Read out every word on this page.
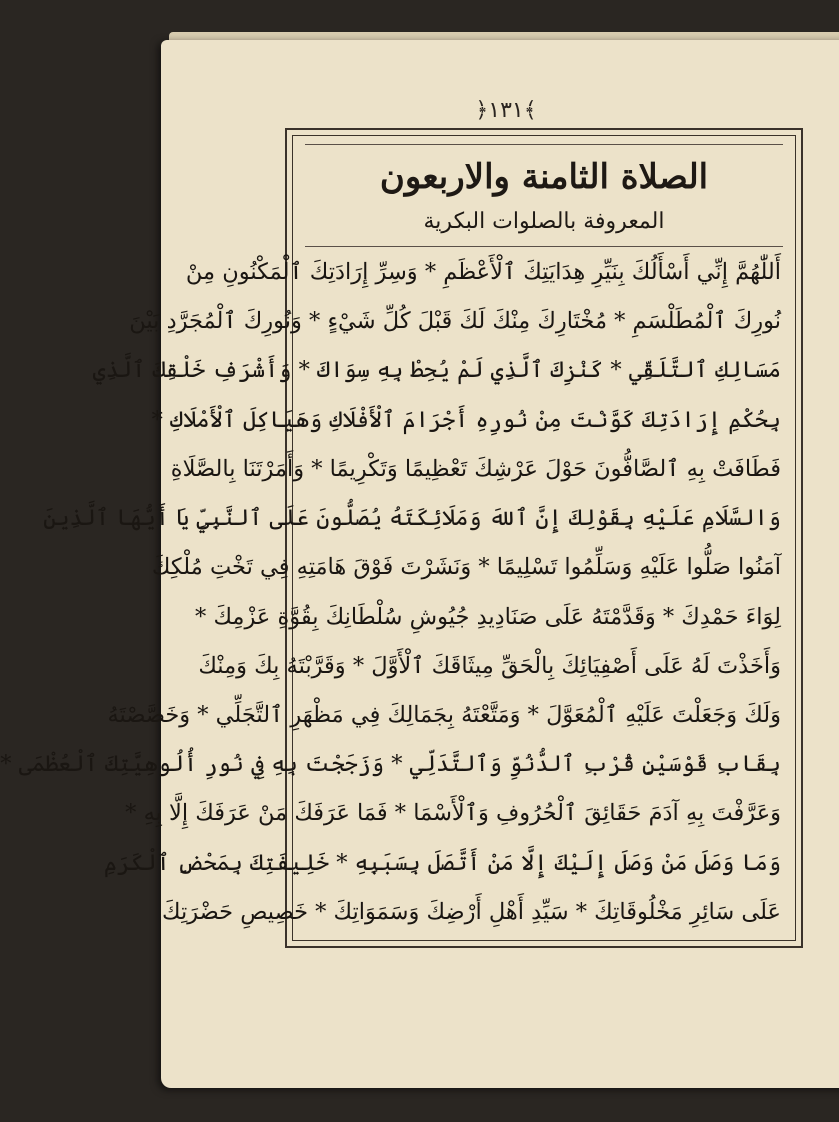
﴿١٣١﴾
الصلاة الثامنة والاربعون
المعروفة بالصلوات البكرية
أَللّٰهُمَّ إِنِّي أَسْأَلُكَ بِنَيِّرِ هِدَايَتِكَ ٱلْأَعْظَمِ * وَسِرِّ إِرَادَتِكَ ٱلْمَكْنُونِ مِنْ
نُورِكَ ٱلْمُطَلْسَمِ * مُخْتَارِكَ مِنْكَ لَكَ قَبْلَ كُلِّ شَيْءٍ * وَنُورِكَ ٱلْمُجَرَّدِ بَيْنَ
مَسَالِكِ ٱلتَّلَقِّي * كَنْزِكَ ٱلَّذِي لَمْ يُحِطْ بِهِ سِوَاكَ * وَأَشْرَفِ خَلْقِكَ ٱلَّذِي
بِحُكْمِ إِرَادَتِكَ كَوَّنْتَ مِنْ نُورِهِ أَجْرَامَ ٱلْأَفْلَاكِ وَهَيَاكِلَ ٱلْأَمْلَاكِ *
فَطَافَتْ بِهِ ٱلصَّافُّونَ حَوْلَ عَرْشِكَ تَعْظِيمًا وَتَكْرِيمًا * وَأَمَرْتَنَا بِالصَّلَاةِ
وَالسَّلَامِ عَلَيْهِ بِقَوْلِكَ إِنَّ ٱللهَ وَمَلَائِكَتَهُ يُصَلُّونَ عَلَى ٱلنَّبِيِّ يَا أَيُّهَا ٱلَّذِينَ
آمَنُوا صَلُّوا عَلَيْهِ وَسَلِّمُوا تَسْلِيمًا * وَنَشَرْتَ فَوْقَ هَامَتِهِ فِي تَخْتِ مُلْكِكَ
لِوَاءَ حَمْدِكَ * وَقَدَّمْتَهُ عَلَى صَنَادِيدِ جُيُوشِ سُلْطَانِكَ بِقُوَّةِ عَزْمِكَ *
وَأَخَذْتَ لَهُ عَلَى أَصْفِيَائِكَ بِالْحَقِّ مِيثَاقَكَ ٱلْأَوَّلَ * وَقَرَّبْتَهُ بِكَ وَمِنْكَ
وَلَكَ وَجَعَلْتَ عَلَيْهِ ٱلْمُعَوَّلَ * وَمَتَّعْتَهُ بِجَمَالِكَ فِي مَظْهَرِ ٱلتَّجَلِّي * وَخَصَّصْتَهُ
بِقَابِ قَوْسَيْنِ قُرْبِ ٱلدُّنُوِّ وَٱلتَّدَلِّي * وَزَجَجْتَ بِهِ فِي نُورِ أُلُوهِيَّتِكَ ٱلْعُظْمَى *
وَعَرَّفْتَ بِهِ آدَمَ حَقَائِقَ ٱلْحُرُوفِ وَٱلْأَسْمَا * فَمَا عَرَفَكَ مَنْ عَرَفَكَ إِلَّا بِهِ *
وَمَا وَصَلَ مَنْ وَصَلَ إِلَيْكَ إِلَّا مَنْ أَتَّصَلَ بِسَبَبِهِ * خَلِيفَتِكَ بِمَحْضِ ٱلْكَرَمِ
عَلَى سَائِرِ مَخْلُوقَاتِكَ * سَيِّدِ أَهْلِ أَرْضِكَ وَسَمَوَاتِكَ * خَصِيصِ حَضْرَتِكَ
